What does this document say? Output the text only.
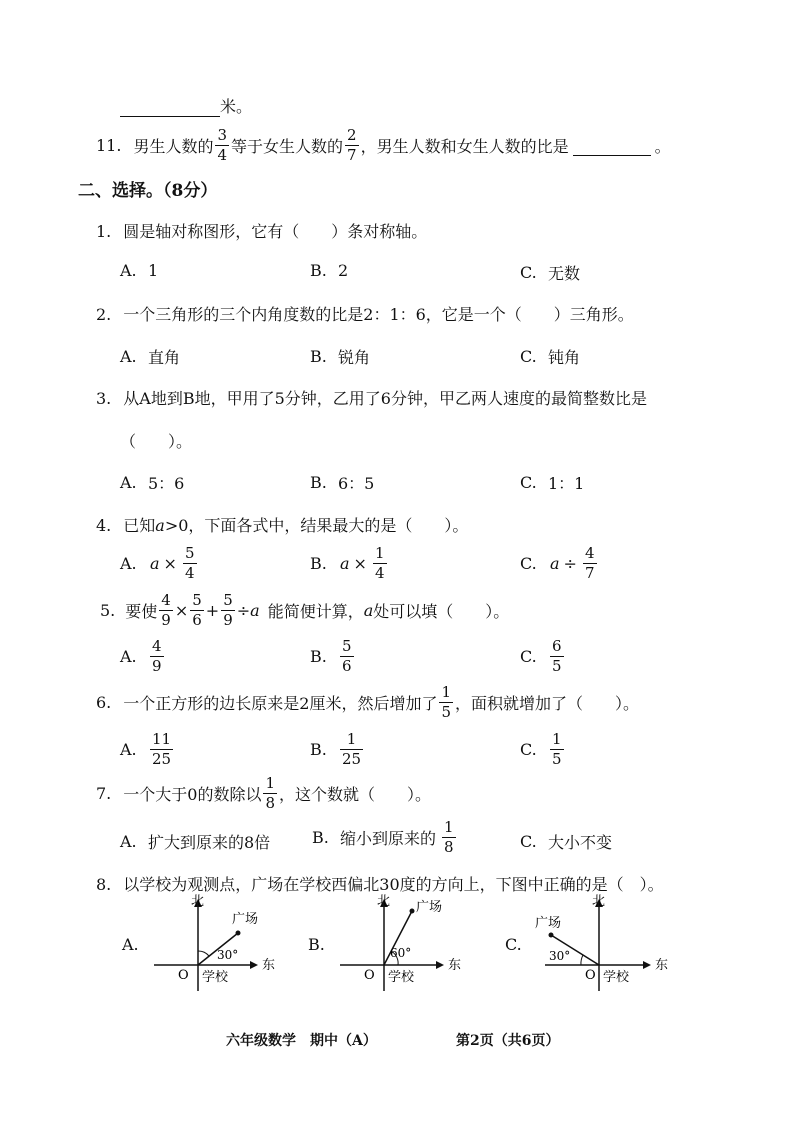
米。
11. 男生人数的 $\frac{3}{4}$ 等于女生人数的 $\frac{2}{7}$ ，男生人数和女生人数的比是
	。
二、选择。（8分）
1. 圆是轴对称图形，它有（　　）条对称轴。
A. 1	B. 2	C. 无数
2. 一个三角形的三个内角度数的比是2：1：6，它是一个（　　）三角形。
A. 直角	B. 锐角	C. 钝角
3. 从A地到B地，甲用了5分钟，乙用了6分钟，甲乙两人速度的最简整数比是
（　　）。
A. 5：6	B. 6：5	C. 1：1
4. 已知a>0，下面各式中，结果最大的是（　　）。
A. $a \times \frac{5}{4}$	B. $a \times \frac{1}{4}$	C. $a \div \frac{4}{7}$
5. 要使 $\frac{4}{9} \times \frac{5}{6} + \frac{5}{9} \div a$ 能简便计算， a 处可以填（　　）。
A. $\frac{4}{9}$	B. $\frac{5}{6}$	C. $\frac{6}{5}$
6. 一个正方形的边长原来是2厘米，然后增加了 $\frac{1}{5}$ ，面积就增加了（　　）。
A. $\frac{11}{25}$	B. $\frac{1}{25}$	C. $\frac{1}{5}$
7. 一个大于0的数除以 $\frac{1}{8}$ ，这个数就（　　）。
A. 扩大到原来的8倍	B. 缩小到原来的 $\frac{1}{8}$	C. 大小不变
8. 以学校为观测点，广场在学校西偏北30度的方向上，下图中正确的是（　）。
A.
北
东
O 学校
广场
30°
B.
北
东
O 学校
广场
60°	C.
北
东
O 学校
广场
30°
六年级数学　期中（A）	第2页（共6页）
